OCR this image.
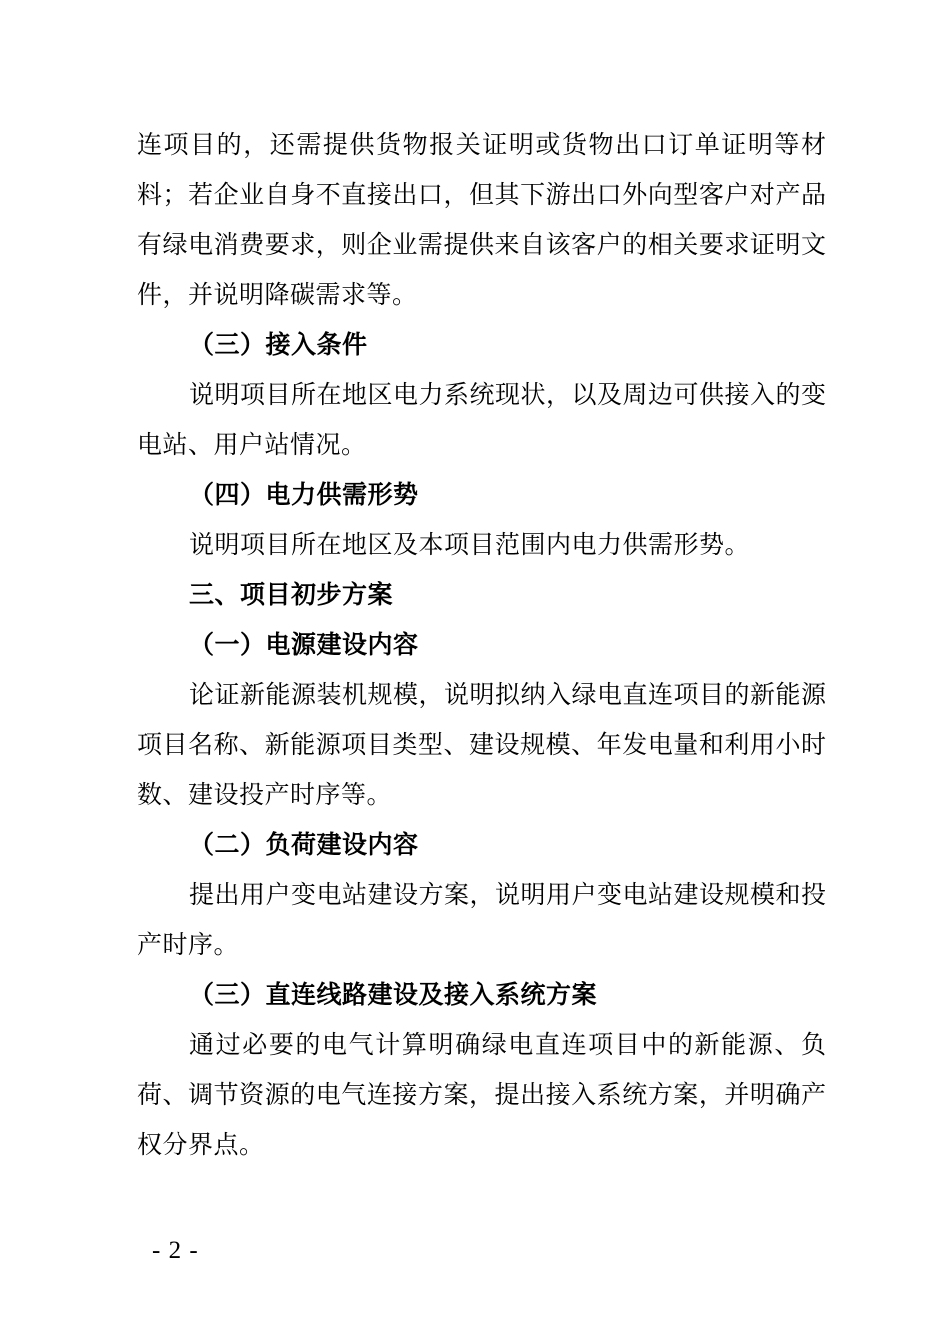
连项目的，还需提供货物报关证明或货物出口订单证明等材
料；若企业自身不直接出口，但其下游出口外向型客户对产品
有绿电消费要求，则企业需提供来自该客户的相关要求证明文
件，并说明降碳需求等。
（三）接入条件
说明项目所在地区电力系统现状，以及周边可供接入的变
电站、用户站情况。
（四）电力供需形势
说明项目所在地区及本项目范围内电力供需形势。
三、项目初步方案
（一）电源建设内容
论证新能源装机规模，说明拟纳入绿电直连项目的新能源
项目名称、新能源项目类型、建设规模、年发电量和利用小时
数、建设投产时序等。
（二）负荷建设内容
提出用户变电站建设方案，说明用户变电站建设规模和投
产时序。
（三）直连线路建设及接入系统方案
通过必要的电气计算明确绿电直连项目中的新能源、负
荷、调节资源的电气连接方案，提出接入系统方案，并明确产
权分界点。
- 2 -
